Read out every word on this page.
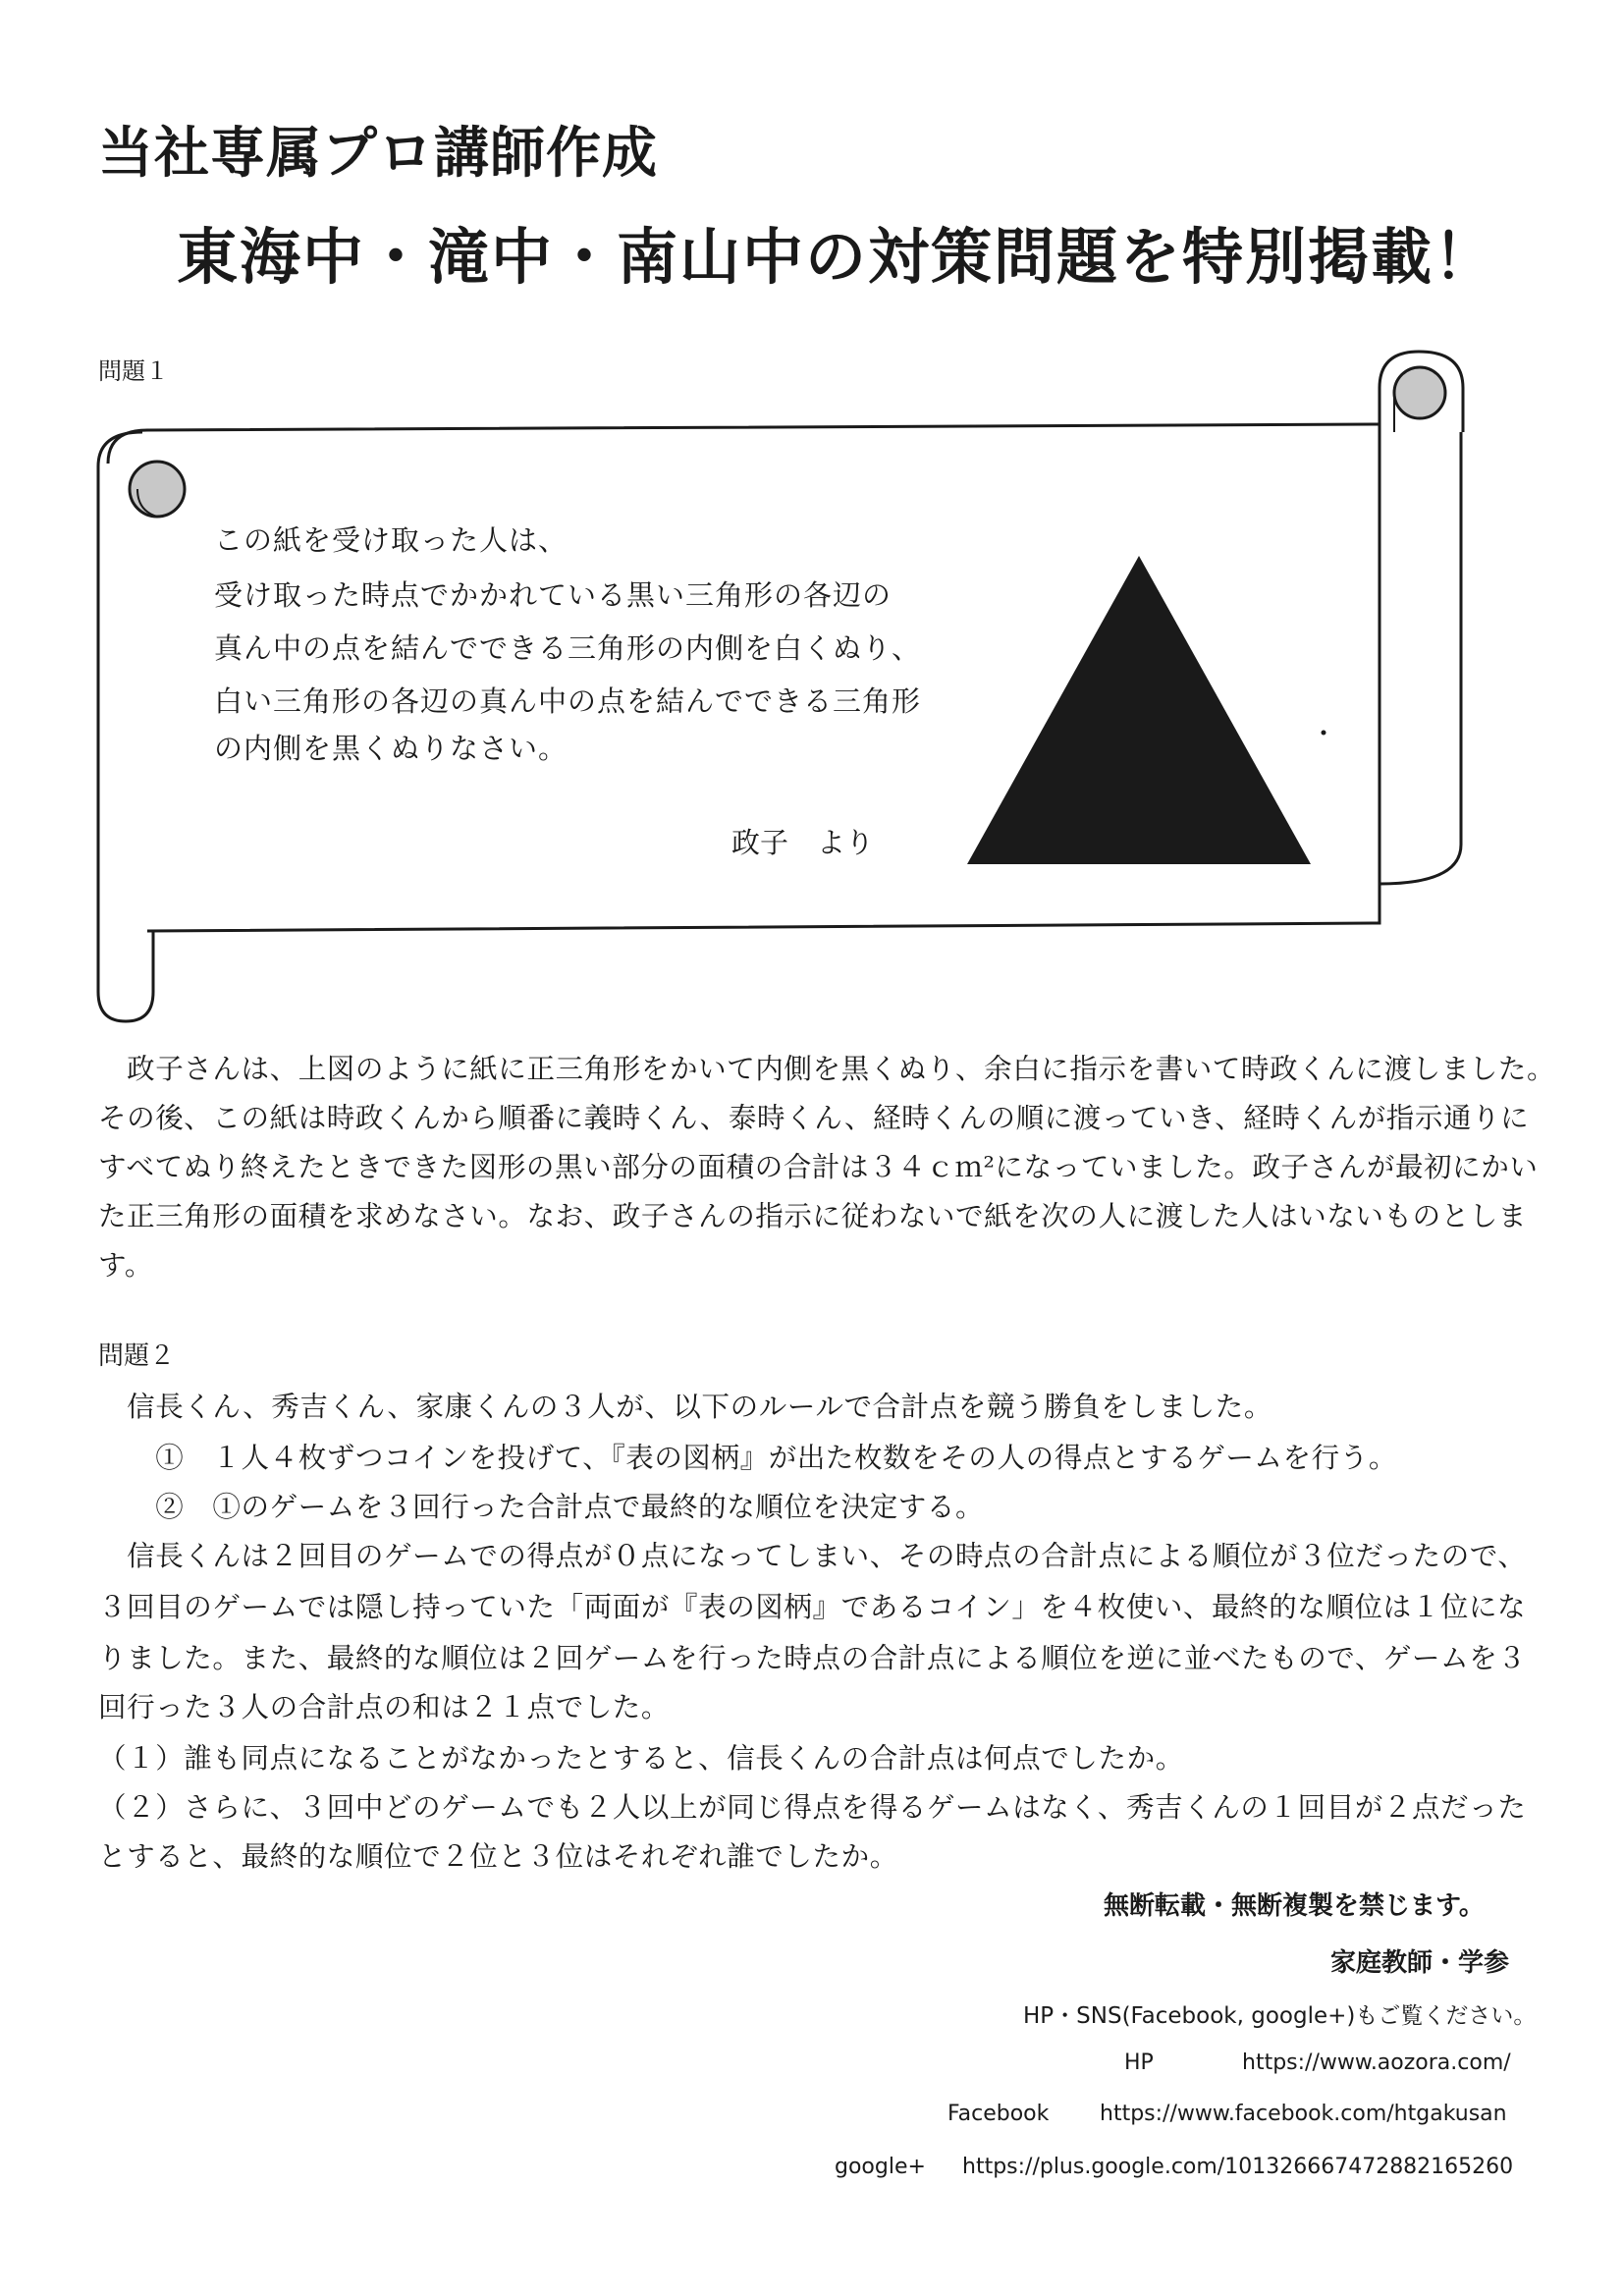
当社専属プロ講師作成
東海中・滝中・南山中の対策問題を特別掲載！
問題１
この紙を受け取った人は、
受け取った時点でかかれている黒い三角形の各辺の
真ん中の点を結んでできる三角形の内側を白くぬり、
白い三角形の各辺の真ん中の点を結んでできる三角形
の内側を黒くぬりなさい。
政子　より
　政子さんは、上図のように紙に正三角形をかいて内側を黒くぬり、余白に指示を書いて時政くんに渡しました。
その後、この紙は時政くんから順番に義時くん、泰時くん、経時くんの順に渡っていき、経時くんが指示通りに
すべてぬり終えたときできた図形の黒い部分の面積の合計は３４ｃｍ²になっていました。政子さんが最初にかい
た正三角形の面積を求めなさい。なお、政子さんの指示に従わないで紙を次の人に渡した人はいないものとしま
す。
問題２
　信長くん、秀吉くん、家康くんの３人が、以下のルールで合計点を競う勝負をしました。
　　①　１人４枚ずつコインを投げて、『表の図柄』が出た枚数をその人の得点とするゲームを行う。
　　②　①のゲームを３回行った合計点で最終的な順位を決定する。
　信長くんは２回目のゲームでの得点が０点になってしまい、その時点の合計点による順位が３位だったので、
３回目のゲームでは隠し持っていた「両面が『表の図柄』であるコイン」を４枚使い、最終的な順位は１位にな
りました。また、最終的な順位は２回ゲームを行った時点の合計点による順位を逆に並べたもので、ゲームを３
回行った３人の合計点の和は２１点でした。
（１）誰も同点になることがなかったとすると、信長くんの合計点は何点でしたか。
（２）さらに、３回中どのゲームでも２人以上が同じ得点を得るゲームはなく、秀吉くんの１回目が２点だった
とすると、最終的な順位で２位と３位はそれぞれ誰でしたか。
無断転載・無断複製を禁じます。
家庭教師・学参
HP・SNS(Facebook, google+)もご覧ください。
HP	https://www.aozora.com/
Facebook https://www.facebook.com/htgakusan
google+ https://plus.google.com/101326667472882165260
